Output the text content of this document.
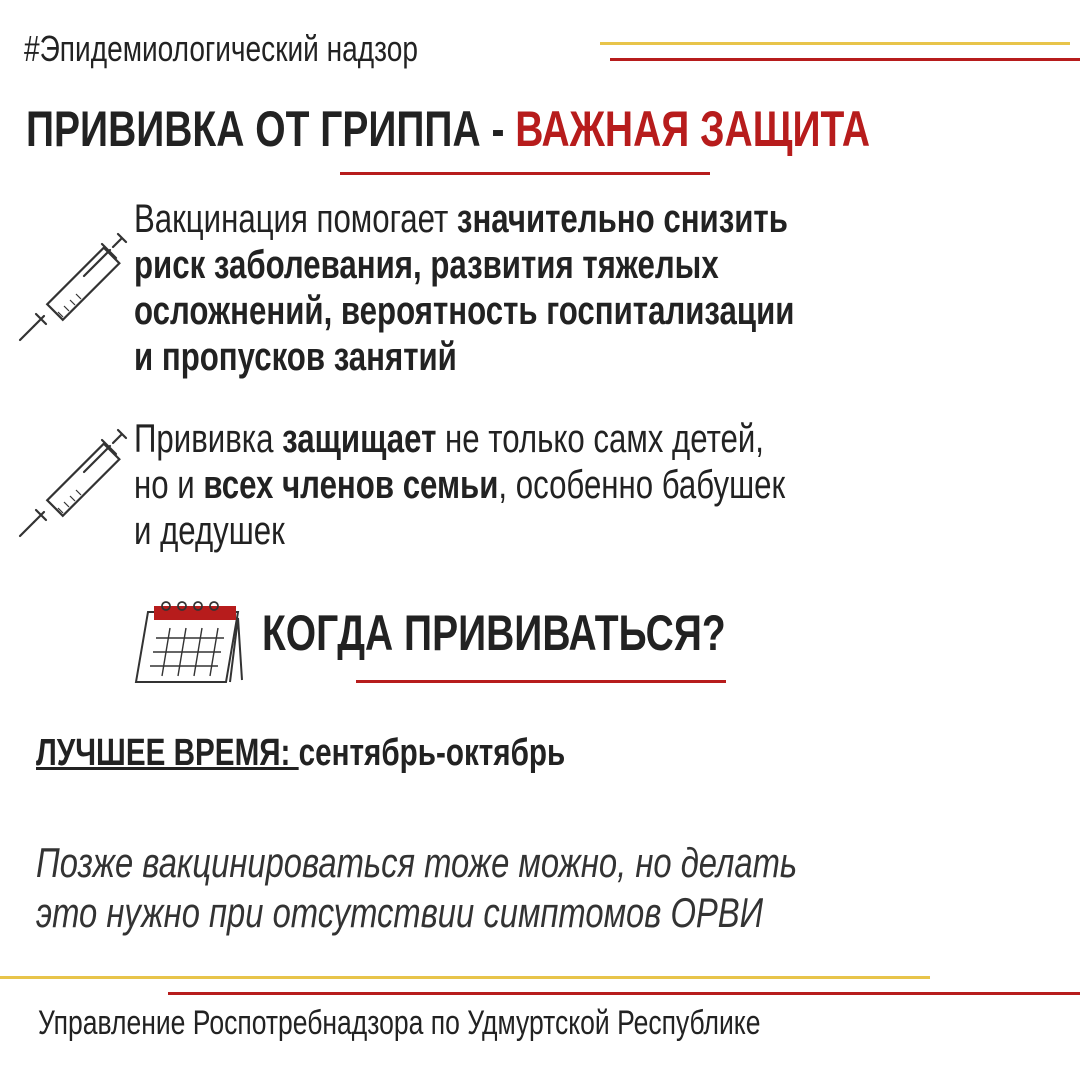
#Эпидемиологический надзор
ПРИВИВКА ОТ ГРИППА - ВАЖНАЯ ЗАЩИТА
Вакцинация помогает значительно снизить
риск заболевания, развития тяжелых
осложнений, вероятность госпитализации
и пропусков занятий
Прививка защищает не только самх детей,
но и всех членов семьи, особенно бабушек
и дедушек
КОГДА ПРИВИВАТЬСЯ?
ЛУЧШЕЕ ВРЕМЯ: сентябрь-октябрь
Позже вакцинироваться тоже можно, но делать
это нужно при отсутствии симптомов ОРВИ
Управление Роспотребнадзора по Удмуртской Республике
